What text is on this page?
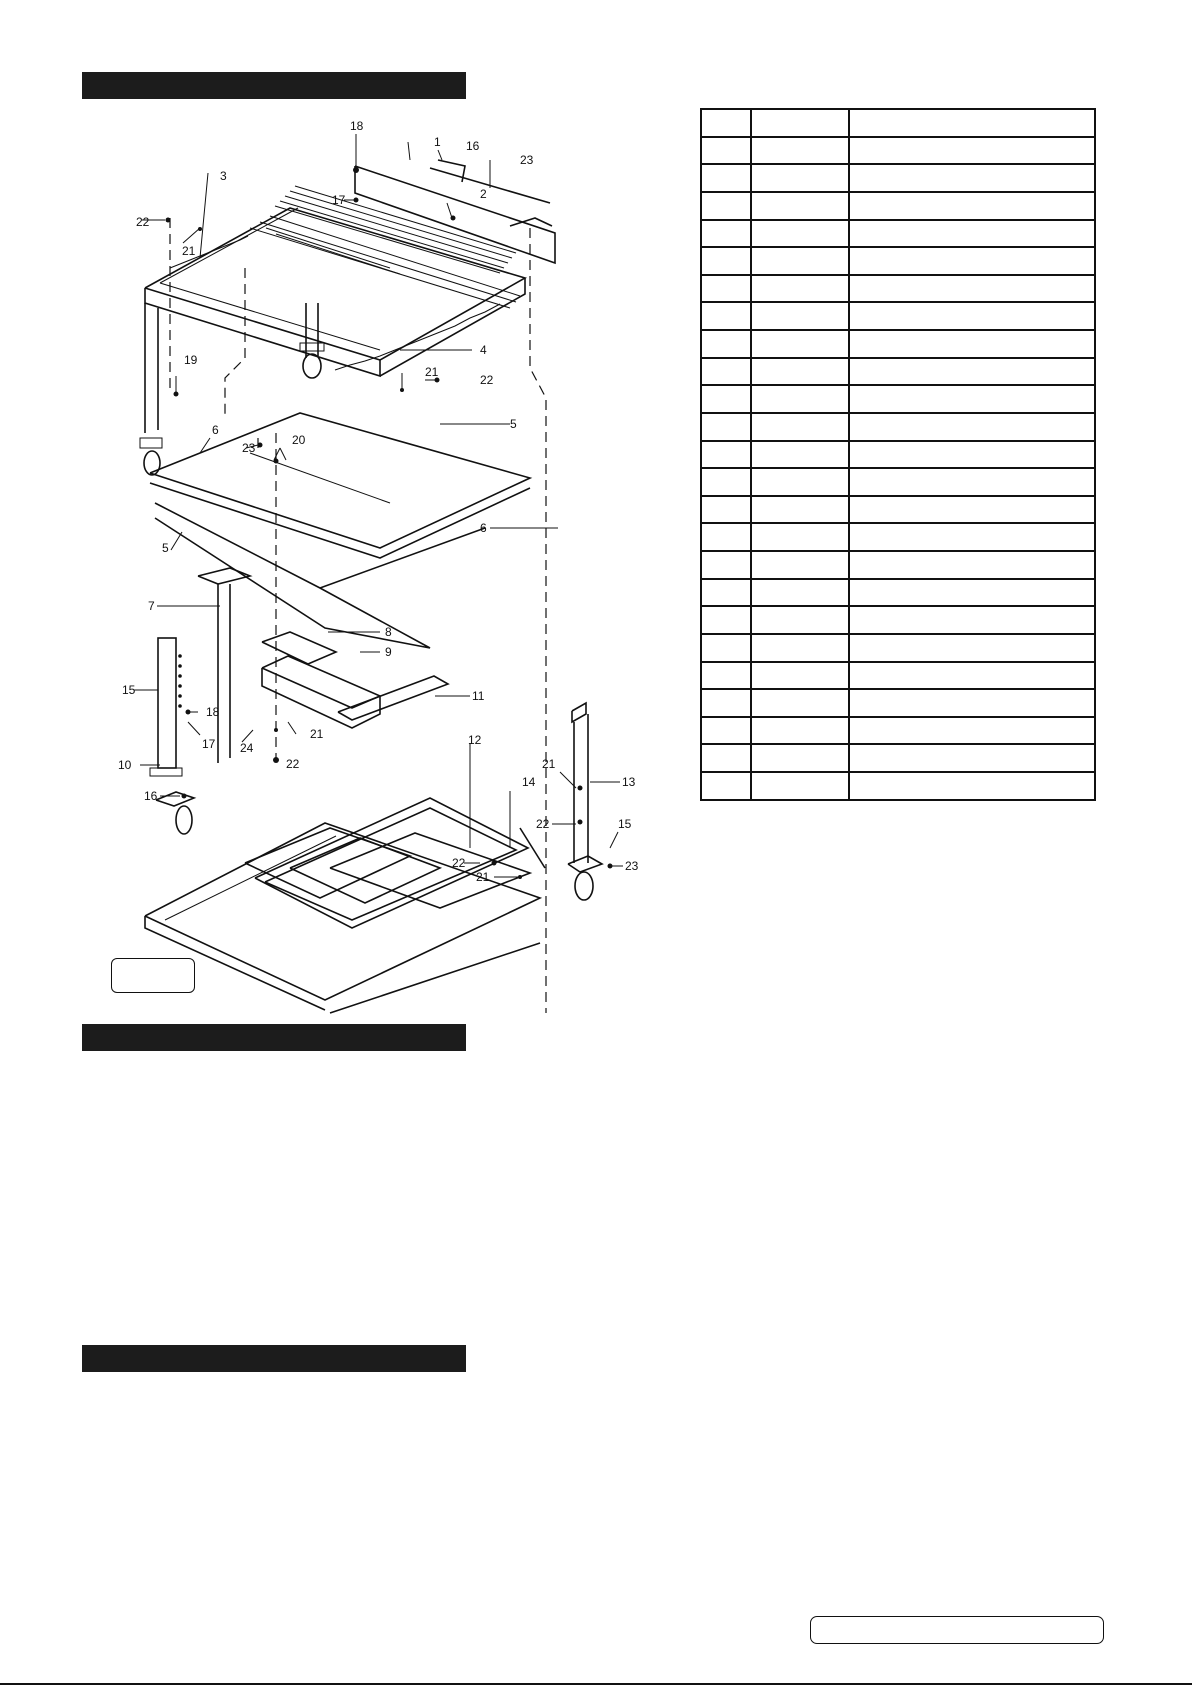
18
1 16
23
3
2
17
22
21
4
21
22
19
5
6
23
20
6
5
7
8
9
11
15
18
17 24
21
22
10
16
12
14
21
13
22	15
22
21
23
